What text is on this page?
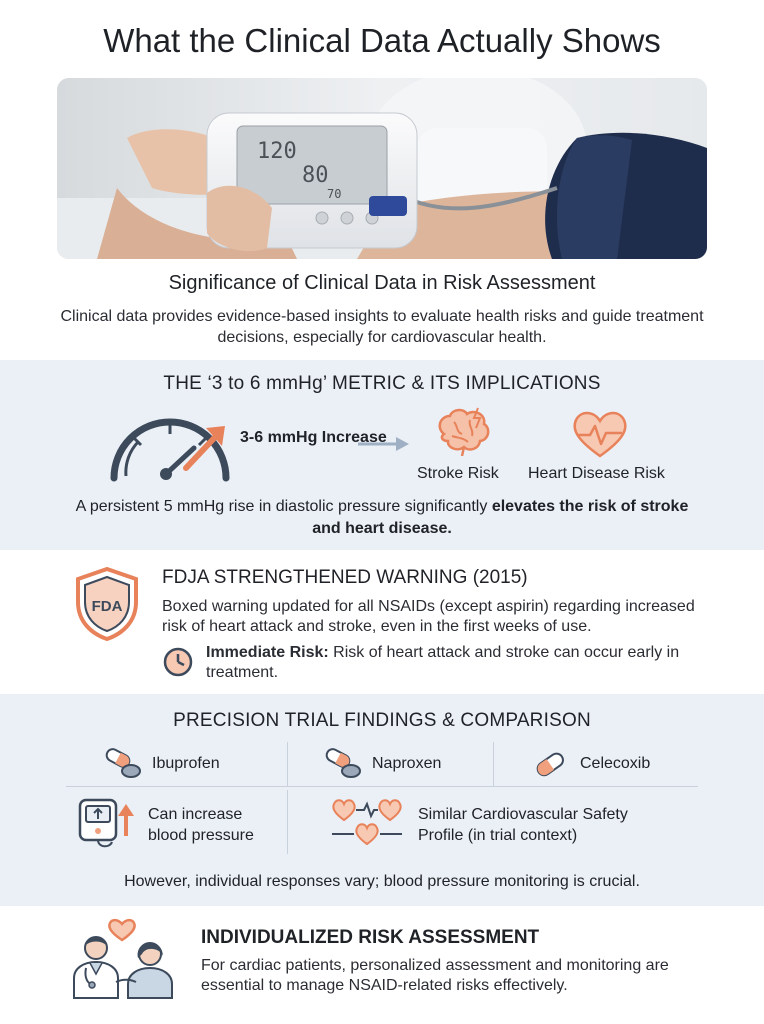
What the Clinical Data Actually Shows
120
80
70
Significance of Clinical Data in Risk Assessment
Clinical data provides evidence-based insights to evaluate health risks and guide treatment decisions, especially for cardiovascular health.
THE ‘3 to 6 mmHg’ METRIC & ITS IMPLICATIONS
3-6 mmHg Increase
Stroke Risk Heart Disease Risk
A persistent 5 mmHg rise in diastolic pressure significantly elevates the risk of stroke and heart disease.
FDA
FDJA STRENGTHENED WARNING (2015)
Boxed warning updated for all NSAIDs (except aspirin) regarding increased risk of heart attack and stroke, even in the first weeks of use.
Immediate Risk: Risk of heart attack and stroke can occur early in treatment.
PRECISION TRIAL FINDINGS & COMPARISON
Ibuprofen	Naproxen	Celecoxib
Can increase blood pressure
Similar Cardiovascular Safety Profile (in trial context)
However, individual responses vary; blood pressure monitoring is crucial.
INDIVIDUALIZED RISK ASSESSMENT
For cardiac patients, personalized assessment and monitoring are essential to manage NSAID-related risks effectively.
